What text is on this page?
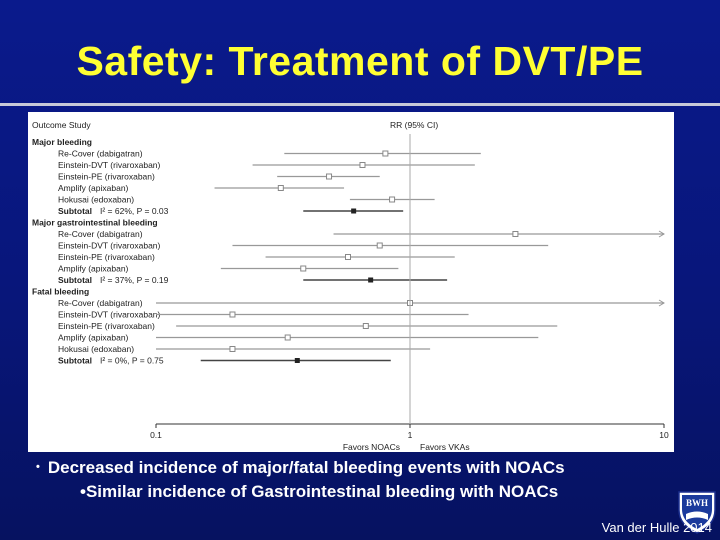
Safety: Treatment of DVT/PE
Outcome Study	RR (95% CI)
Major bleeding
Re-Cover (dabigatran)
Einstein-DVT (rivaroxaban)
Einstein-PE (rivaroxaban)
Amplify (apixaban)
Hokusai (edoxaban)
Subtotal I² = 62%, P = 0.03
Major gastrointestinal bleeding
Re-Cover (dabigatran)
Einstein-DVT (rivaroxaban)
Einstein-PE (rivaroxaban)
Amplify (apixaban)
Subtotal I² = 37%, P = 0.19
Fatal bleeding
Re-Cover (dabigatran)
Einstein-DVT (rivaroxaban)
Einstein-PE (rivaroxaban)
Amplify (apixaban)
Hokusai (edoxaban)
Subtotal I² = 0%, P = 0.75
0.1	1	10
Favors NOACs Favors VKAs
• Decreased incidence of major/fatal bleeding events with NOACs
•Similar incidence of Gastrointestinal bleeding with NOACs
BWH
Van der Hulle 2014
